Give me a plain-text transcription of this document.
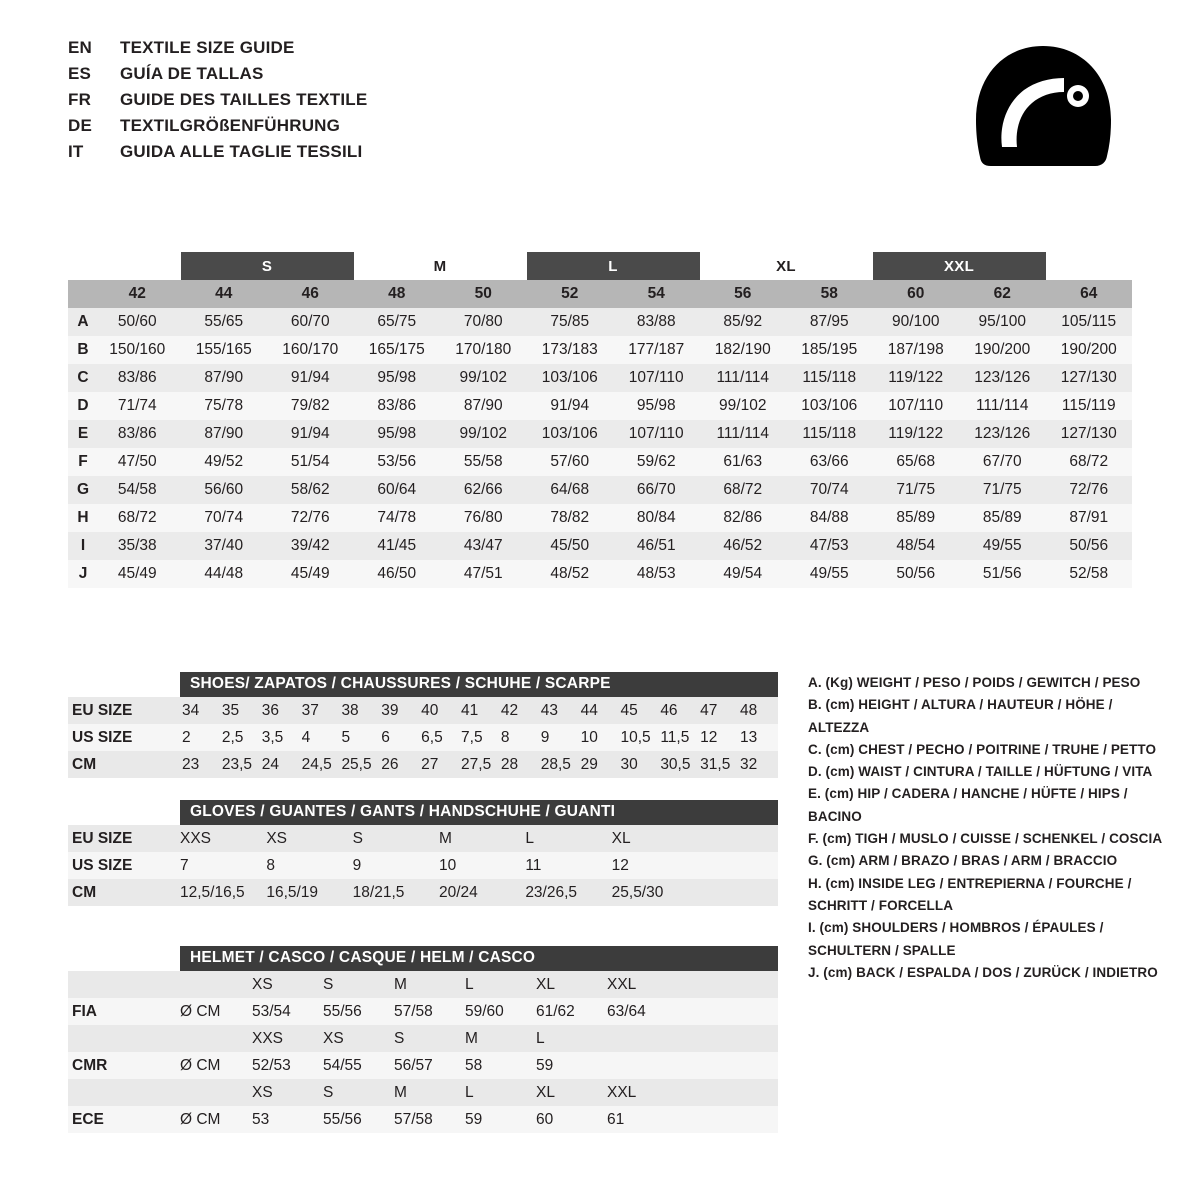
EN	TEXTILE SIZE GUIDE
ES	GUÍA DE TALLAS
FR	GUIDE DES TAILLES TEXTILE
DE	TEXTILGRÖßENFÜHRUNG
IT	GUIDA ALLE TAGLIE TESSILI
		S		M		L		XL		XXL		
	42	44	46	48	50	52	54	56	58	60	62	64
A	50/60	55/65	60/70	65/75	70/80	75/85	83/88	85/92	87/95	90/100	95/100	105/115
B	150/160	155/165	160/170	165/175	170/180	173/183	177/187	182/190	185/195	187/198	190/200	190/200
C	83/86	87/90	91/94	95/98	99/102	103/106	107/110	111/114	115/118	119/122	123/126	127/130
D	71/74	75/78	79/82	83/86	87/90	91/94	95/98	99/102	103/106	107/110	111/114	115/119
E	83/86	87/90	91/94	95/98	99/102	103/106	107/110	111/114	115/118	119/122	123/126	127/130
F	47/50	49/52	51/54	53/56	55/58	57/60	59/62	61/63	63/66	65/68	67/70	68/72
G	54/58	56/60	58/62	60/64	62/66	64/68	66/70	68/72	70/74	71/75	71/75	72/76
H	68/72	70/74	72/76	74/78	76/80	78/82	80/84	82/86	84/88	85/89	85/89	87/91
I	35/38	37/40	39/42	41/45	43/47	45/50	46/51	46/52	47/53	48/54	49/55	50/56
J	45/49	44/48	45/49	46/50	47/51	48/52	48/53	49/54	49/55	50/56	51/56	52/58
SHOES/ ZAPATOS / CHAUSSURES / SCHUHE / SCARPE
EU SIZE	34	35	36	37	38	39	40	41	42	43	44	45	46	47	48
US SIZE	2	2,5	3,5	4	5	6	6,5	7,5	8	9	10	10,5	11,5	12	13
CM	23	23,5	24	24,5	25,5	26	27	27,5	28	28,5	29	30	30,5	31,5	32
GLOVES / GUANTES / GANTS / HANDSCHUHE / GUANTI
EU SIZE	XXS	XS	S	M	L	XL	
US SIZE	7	8	9	10	11	12	
CM	12,5/16,5	16,5/19	18/21,5	20/24	23/26,5	25,5/30	
HELMET / CASCO / CASQUE / HELM / CASCO
		XS	S	M	L	XL	XXL	
FIA	Ø CM	53/54	55/56	57/58	59/60	61/62	63/64	
		XXS	XS	S	M	L		
CMR	Ø CM	52/53	54/55	56/57	58	59		
		XS	S	M	L	XL	XXL	
ECE	Ø CM	53	55/56	57/58	59	60	61	
A. (Kg) WEIGHT / PESO / POIDS / GEWITCH / PESO
B. (cm) HEIGHT / ALTURA / HAUTEUR / HÖHE / ALTEZZA
C. (cm) CHEST / PECHO / POITRINE / TRUHE / PETTO
D. (cm) WAIST / CINTURA / TAILLE / HÜFTUNG / VITA
E. (cm) HIP / CADERA / HANCHE / HÜFTE / HIPS / BACINO
F. (cm) TIGH / MUSLO / CUISSE / SCHENKEL / COSCIA
G. (cm) ARM / BRAZO / BRAS / ARM / BRACCIO
H. (cm) INSIDE LEG / ENTREPIERNA / FOURCHE /
SCHRITT / FORCELLA
I. (cm) SHOULDERS / HOMBROS / ÉPAULES /
SCHULTERN / SPALLE
J. (cm) BACK / ESPALDA / DOS / ZURÜCK / INDIETRO
